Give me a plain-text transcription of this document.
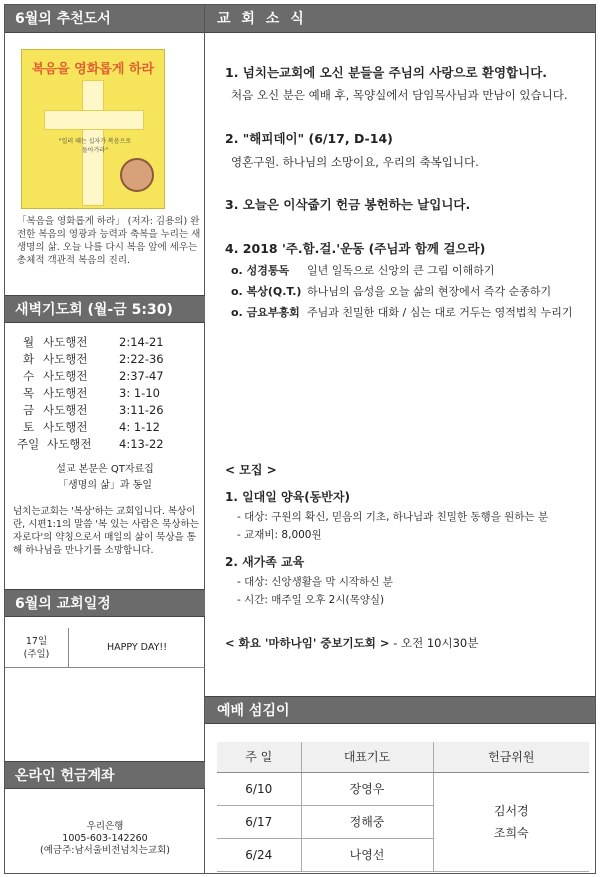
6월의 추천도서
복음을 영화롭게 하라
"일러 때는 십자가 복음으로 돌아가라"
「복음을 영화롭게 하라」 (저자: 김용의) 완전한 복음의 영광과 능력과 축복을 누리는 새 생명의 삶. 오늘 나를 다시 복음 앞에 세우는 총체적 객관적 복음의 진리.
새벽기도회 (월-금 5:30)
월 사도행전	2:14-21
화 사도행전	2:22-36
수 사도행전	2:37-47
목 사도행전	3: 1-10
금 사도행전	3:11-26
토 사도행전	4: 1-12
주일 사도행전	4:13-22
설교 본문은 QT자료집
「생명의 삶」과 동일
넘치는교회는 '복상'하는 교회입니다. 복상이란, 시편1:1의 말씀 '복 있는 사람은 묵상하는 자로다'의 약칭으로서 매일의 삶이 묵상을 통해 하나님을 만나기를 소망합니다.
6월의 교회일정
17일
(주일)
HAPPY DAY!!
온라인 헌금계좌
우리은행
1005-603-142260
(예금주:남서울비전넘치는교회)
교 회 소 식
1. 넘치는교회에 오신 분들을 주님의 사랑으로 환영합니다.
처음 오신 분은 예배 후, 목양실에서 담임목사님과 만남이 있습니다.
2. "해피데이" (6/17, D-14)
영혼구원. 하나님의 소망이요, 우리의 축복입니다.
3. 오늘은 이삭줍기 헌금 봉헌하는 날입니다.
4. 2018 '주.함.걸.'운동 (주님과 함께 걸으라)
o. 성경통독	일년 일독으로 신앙의 큰 그림 이해하기
o. 복상(Q.T.) 하나님의 음성을 오늘 삶의 현장에서 즉각 순종하기
o. 금요부흥회 주님과 친밀한 대화 / 심는 대로 거두는 영적법칙 누리기
< 모집 >
1. 일대일 양육(동반자)
- 대상: 구원의 확신, 믿음의 기초, 하나님과 친밀한 동행을 원하는 분
- 교재비: 8,000원
2. 새가족 교육
- 대상: 신앙생활을 막 시작하신 분
- 시간: 매주일 오후 2시(목양실)
< 화요 '마하나임' 중보기도회 > - 오전 10시30분
예배 섬김이
주 일	대표기도	헌금위원
6/10	장영우	김서경
조희숙

6/17	정해중	
6/24	나영선	
